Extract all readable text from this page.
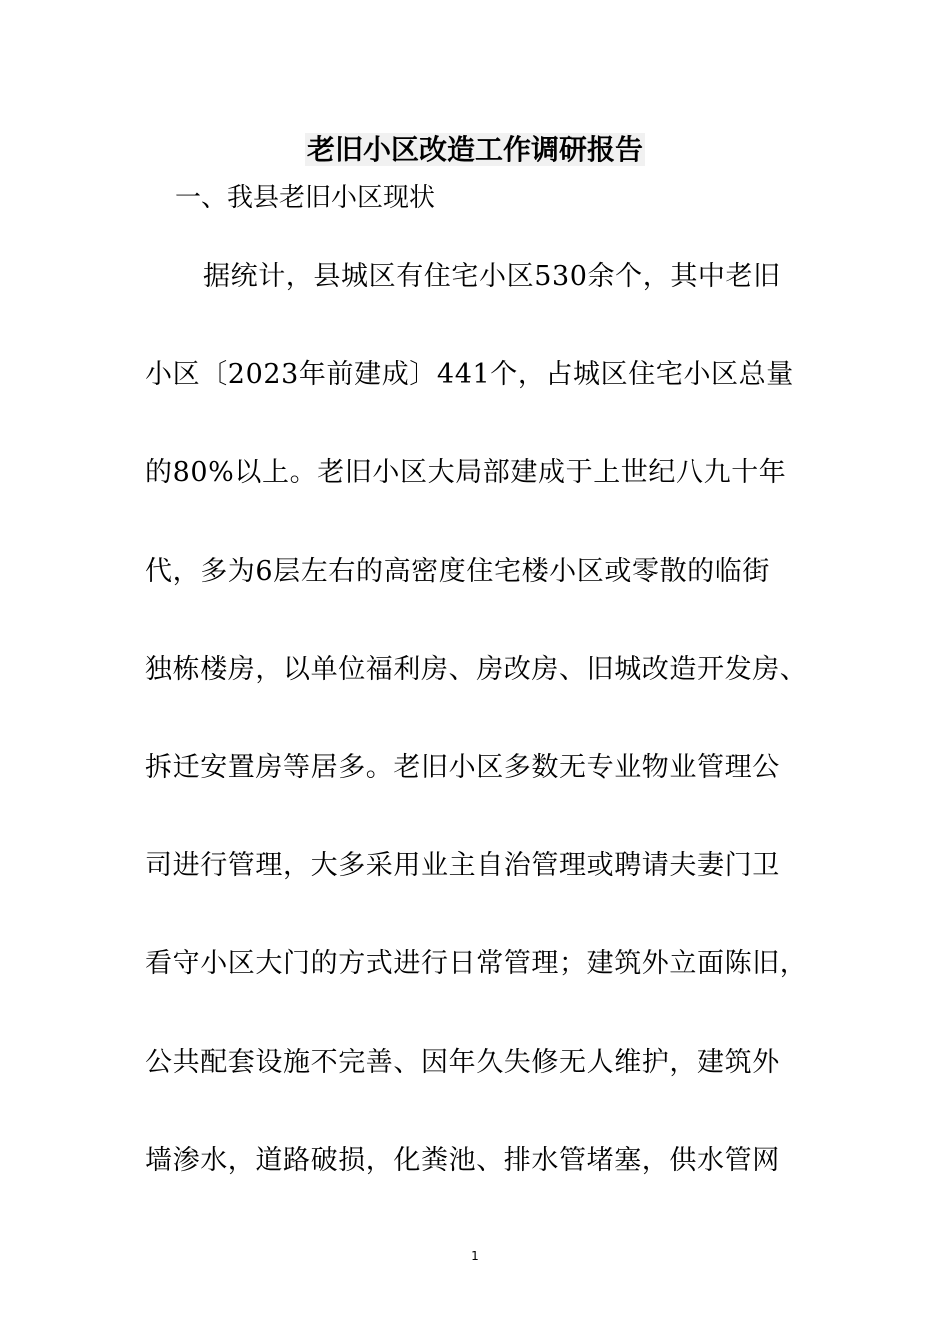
老旧小区改造工作调研报告
一、我县老旧小区现状
据统计，县城区有住宅小区530余个，其中老旧
小区〔2023年前建成〕441个，占城区住宅小区总量
的80%以上。老旧小区大局部建成于上世纪八九十年
代，多为6层左右的高密度住宅楼小区或零散的临街
独栋楼房，以单位福利房、房改房、旧城改造开发房、
拆迁安置房等居多。老旧小区多数无专业物业管理公
司进行管理，大多采用业主自治管理或聘请夫妻门卫
看守小区大门的方式进行日常管理；建筑外立面陈旧，
公共配套设施不完善、因年久失修无人维护，建筑外
墙渗水，道路破损，化粪池、排水管堵塞，供水管网
1
